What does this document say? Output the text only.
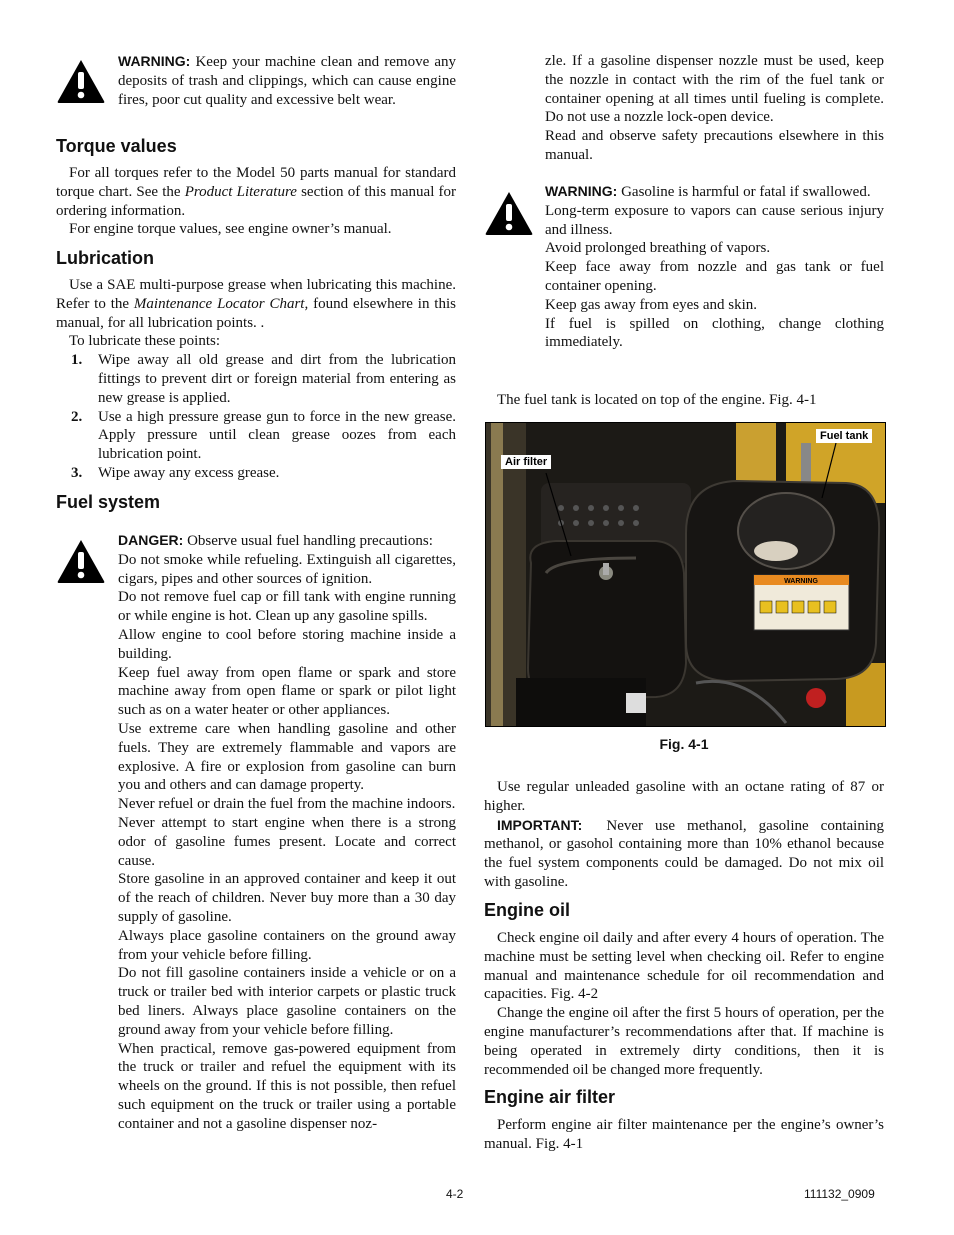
WARNING: Keep your machine clean and remove any deposits of trash and clippings, which can cause engine fires, poor cut quality and excessive belt wear.

Torque values

For all torques refer to the Model 50 parts manual for standard torque chart. See the Product Literature section of this manual for ordering information.

For engine torque values, see engine owner’s manual.

Lubrication

Use a SAE multi-purpose grease when lubricating this machine. Refer to the Maintenance Locator Chart, found elsewhere in this manual, for all lubrication points. .

To lubricate these points:

1. Wipe away all old grease and dirt from the lubrication fittings to prevent dirt or foreign material from entering as new grease is applied.
2. Use a high pressure grease gun to force in the new grease. Apply pressure until clean grease oozes from each lubrication point.
3. Wipe away any excess grease.
Fuel system

DANGER: Observe usual fuel handling precautions:

Do not smoke while refueling. Extinguish all cigarettes, cigars, pipes and other sources of ignition.

Do not remove fuel cap or fill tank with engine running or while engine is hot. Clean up any gasoline spills.

Allow engine to cool before storing machine inside a building.

Keep fuel away from open flame or spark and store machine away from open flame or spark or pilot light such as on a water heater or other appliances.

Use extreme care when handling gasoline and other fuels. They are extremely flammable and vapors are explosive. A fire or explosion from gasoline can burn you and others and can damage property.

Never refuel or drain the fuel from the machine indoors.

Never attempt to start engine when there is a strong odor of gasoline fumes present. Locate and correct cause.

Store gasoline in an approved container and keep it out of the reach of children. Never buy more than a 30 day supply of gasoline.

Always place gasoline containers on the ground away from your vehicle before filling.

Do not fill gasoline containers inside a vehicle or on a truck or trailer bed with interior carpets or plastic truck bed liners. Always place gasoline containers on the ground away from your vehicle before filling.

When practical, remove gas-powered equipment from the truck or trailer and refuel the equipment with its wheels on the ground. If this is not possible, then refuel such equipment on the truck or trailer using a portable container and not a gasoline dispenser noz-

zle. If a gasoline dispenser nozzle must be used, keep the nozzle in contact with the rim of the fuel tank or container opening at all times until fueling is complete. Do not use a nozzle lock-open device.

Read and observe safety precautions elsewhere in this manual.

WARNING: Gasoline is harmful or fatal if swallowed.

Long-term exposure to vapors can cause serious injury and illness.

Avoid prolonged breathing of vapors.

Keep face away from nozzle and gas tank or fuel container opening.

Keep gas away from eyes and skin.

If fuel is spilled on clothing, change clothing immediately.

The fuel tank is located on top of the engine. Fig. 4-1

Use regular unleaded gasoline with an octane rating of 87 or higher.

IMPORTANT: Never use methanol, gasoline containing methanol, or gasohol containing more than 10% ethanol because the fuel system components could be damaged. Do not mix oil with gasoline.

Engine oil

Check engine oil daily and after every 4 hours of operation. The machine must be setting level when checking oil. Refer to engine manual and maintenance schedule for oil recommendation and capacities. Fig. 4-2

Change the engine oil after the first 5 hours of operation, per the engine manufacturer’s recommendations after that. If machine is being operated in extremely dirty conditions, then it is recommended oil be changed more frequently.

Engine air filter

Perform engine air filter maintenance per the engine’s owner’s manual. Fig. 4-1

WARNING
Air filter
Fuel tank
Fig. 4-1
4-2	111132_0909
